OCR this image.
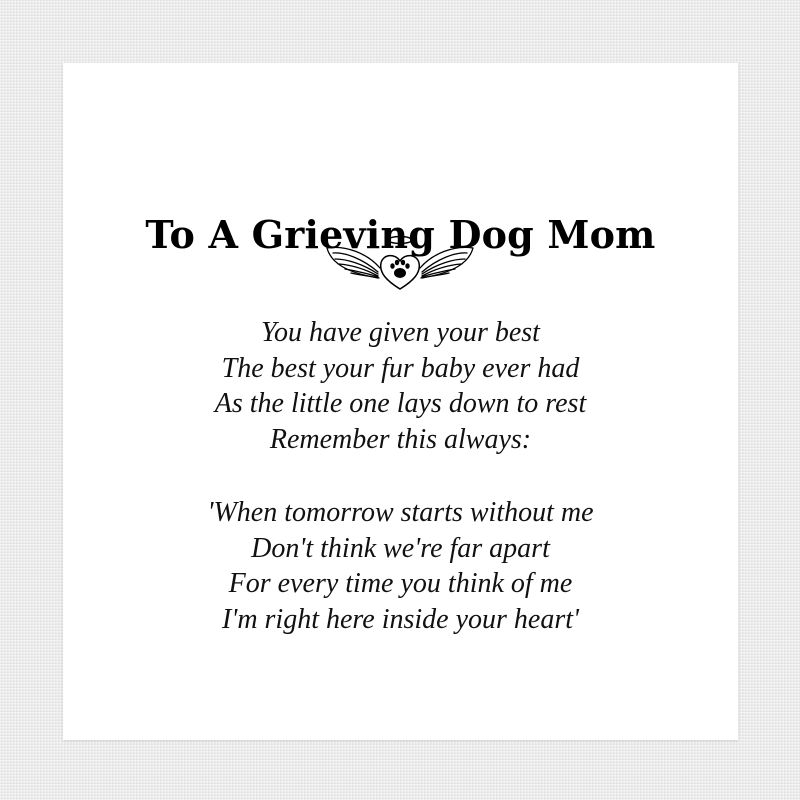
To A Grieving Dog Mom
You have given your best
The best your fur baby ever had
As the little one lays down to rest
Remember this always:
'When tomorrow starts without me
Don't think we're far apart
For every time you think of me
I'm right here inside your heart'
